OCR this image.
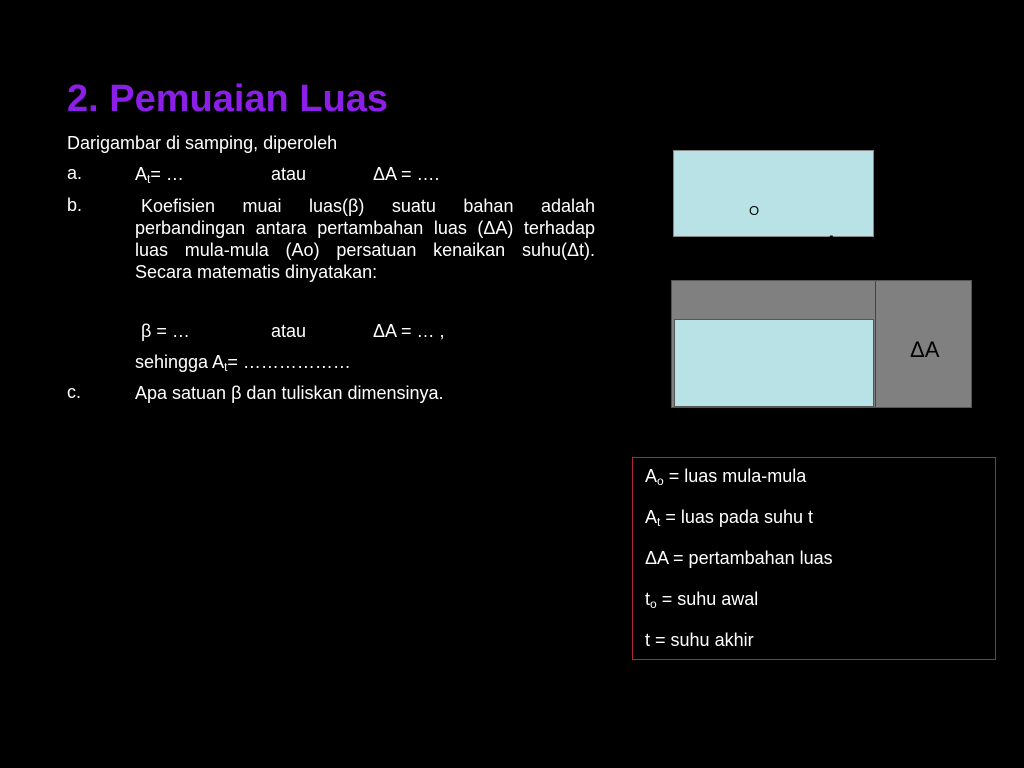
2. Pemuaian Luas
Darigambar di samping, diperoleh
a.	$A_t=$ …	atau	ΔA = ….
b.	Koefisien muai luas(β) suatu bahan adalah perbandingan antara pertambahan luas (ΔA) terhadap luas mula-mula (Ao) persatuan kenaikan suhu(Δt). Secara matematis dinyatakan:
β = …	atau	ΔA = … ,
sehingga $A_t=$ ………………
c.	Apa satuan β dan tuliskan dimensinya.
A
$_O$
ΔA
$A_o$ = luas mula-mula
$A_t$ = luas pada suhu t
ΔA = pertambahan luas
$t_o$ = suhu awal
t = suhu akhir
